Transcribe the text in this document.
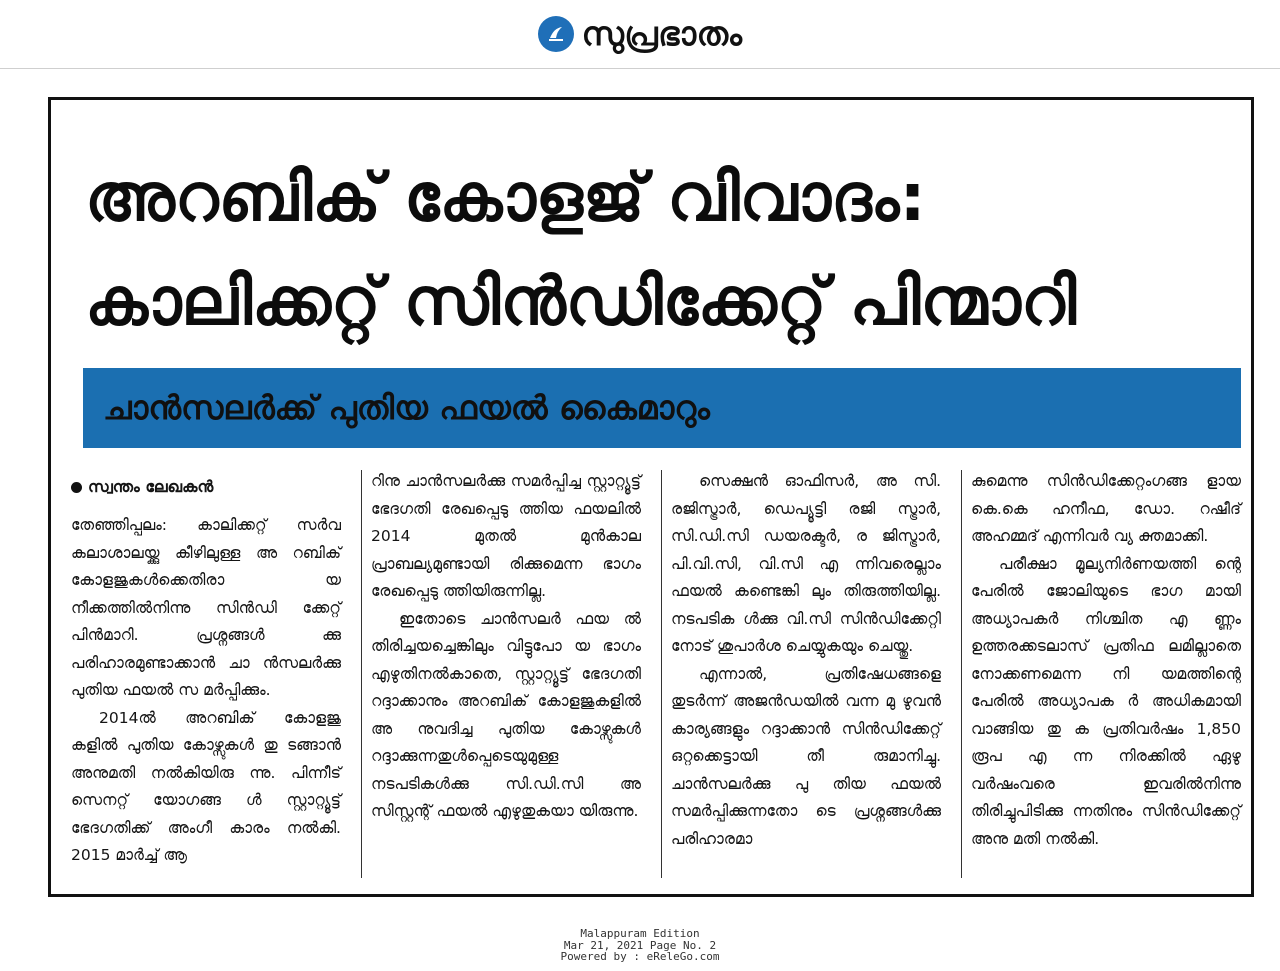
സുപ്രഭാതം
അറബിക് കോളജ് വിവാദം:
കാലിക്കറ്റ് സിൻഡിക്കേറ്റ് പിന്മാറി
ചാൻസലർക്ക് പുതിയ ഫയൽ കൈമാറും
സ്വന്തം ലേഖകൻ

തേഞ്ഞിപ്പലം: കാലിക്കറ്റ് സർവ കലാശാലയ്ക്കു കീഴിലുള്ള അ റബിക് കോളജുകൾക്കെതിരാ യ നീക്കത്തിൽനിന്നു സിൻഡി ക്കേറ്റ് പിൻമാറി. പ്രശ്നങ്ങൾ ക്കു പരിഹാരമുണ്ടാക്കാൻ ചാ ൻസലർക്കു പുതിയ ഫയൽ സ മർപ്പിക്കും.

2014ൽ അറബിക് കോളജു കളിൽ പുതിയ കോഴ്സുകൾ തു ടങ്ങാൻ അനുമതി നൽകിയിരു ന്നു. പിന്നീട് സെനറ്റ് യോഗങ്ങ ൾ സ്റ്റാറ്റ്യൂട്ട് ഭേദഗതിക്ക് അംഗീ കാരം നൽകി. 2015 മാർച്ച് ആ

റിനു ചാൻസലർക്കു സമർപ്പിച്ച സ്റ്റാറ്റ്യൂട്ട് ഭേദഗതി രേഖപ്പെടു ത്തിയ ഫയലിൽ 2014 മുതൽ മുൻകാല പ്രാബല്യമുണ്ടായി രിക്കുമെന്ന ഭാഗം രേഖപ്പെടു ത്തിയിരുന്നില്ല.

ഇതോടെ ചാൻസലർ ഫയ ൽ തിരിച്ചയച്ചെങ്കിലും വിട്ടുപോ യ ഭാഗം എഴുതിനൽകാതെ, സ്റ്റാറ്റ്യൂട്ട് ഭേദഗതി റദ്ദാക്കാനും അറബിക് കോളജുകളിൽ അ നുവദിച്ച പുതിയ കോഴ്സുകൾ റദ്ദാക്കുന്നതുൾപ്പെടെയുമുള്ള നടപടികൾക്കു സി.ഡി.സി അ സിസ്റ്റന്റ് ഫയൽ എഴുതുകയാ യിരുന്നു.

സെക്ഷൻ ഓഫിസർ, അ സി. രജിസ്ട്രാർ, ഡെപ്യൂട്ടി രജി സ്ട്രാർ, സി.ഡി.സി ഡയരക്ടർ, ര ജിസ്ട്രാർ, പി.വി.സി, വി.സി എ ന്നിവരെല്ലാം ഫയൽ കണ്ടെങ്കി ലും തിരുത്തിയില്ല. നടപടിക ൾക്കു വി.സി സിൻഡിക്കേറ്റി നോട് ശുപാർശ ചെയ്യുകയും ചെയ്തു.

എന്നാൽ, പ്രതിഷേധങ്ങളെ തുടർന്ന് അജൻഡയിൽ വന്ന മു ഴുവൻ കാര്യങ്ങളും റദ്ദാക്കാൻ സിൻഡിക്കേറ്റ് ഒറ്റക്കെട്ടായി തീ രുമാനിച്ചു. ചാൻസലർക്കു പു തിയ ഫയൽ സമർപ്പിക്കുന്നതോ ടെ പ്രശ്നങ്ങൾക്കു പരിഹാരമാ

കുമെന്നു സിൻഡിക്കേറ്റംഗങ്ങ ളായ കെ.കെ ഹനീഫ, ഡോ. റഷീദ് അഹമ്മദ് എന്നിവർ വ്യ ക്തമാക്കി.

പരീക്ഷാ മൂല്യനിർണയത്തി ന്റെ പേരിൽ ജോലിയുടെ ഭാഗ മായി അധ്യാപകർ നിശ്ചിത എ ണ്ണം ഉത്തരക്കടലാസ് പ്രതിഫ ലമില്ലാതെ നോക്കണമെന്ന നി യമത്തിന്റെ പേരിൽ അധ്യാപക ർ അധികമായി വാങ്ങിയ തു ക പ്രതിവർഷം 1,850 രൂപ എ ന്ന നിരക്കിൽ ഏഴു വർഷംവരെ ഇവരിൽനിന്നു തിരിച്ചുപിടിക്കു ന്നതിനും സിൻഡിക്കേറ്റ് അനു മതി നൽകി.

Malappuram Edition
Mar 21, 2021 Page No. 2
Powered by : eReleGo.com
